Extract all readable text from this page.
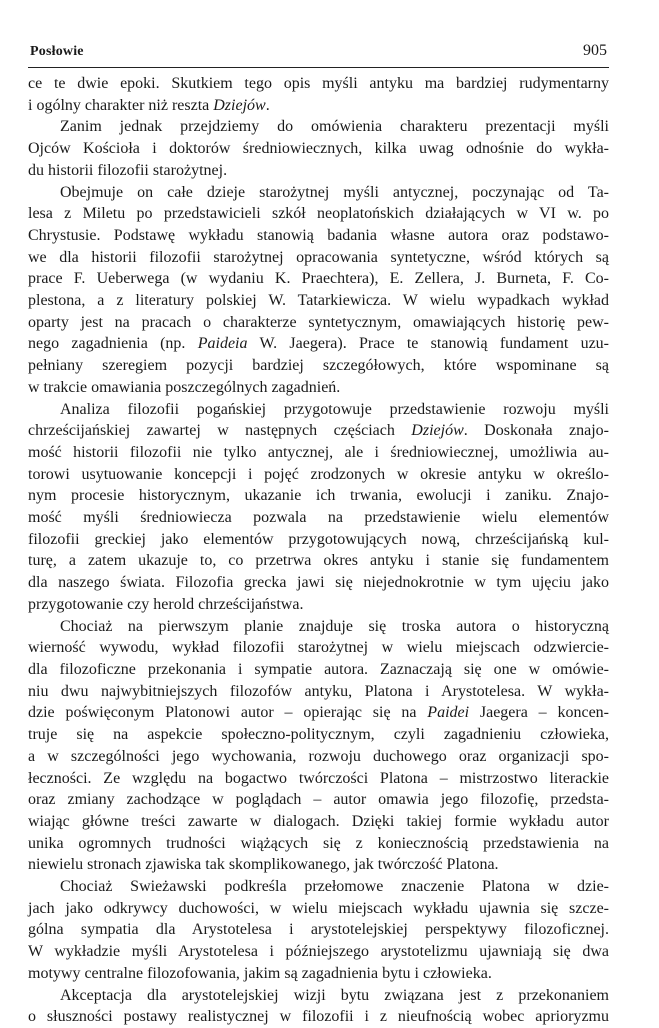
Posłowie	905
ce te dwie epoki. Skutkiem tego opis myśli antyku ma bardziej rudymentarny
i ogólny charakter niż reszta Dziejów.
Zanim jednak przejdziemy do omówienia charakteru prezentacji myśli
Ojców Kościoła i doktorów średniowiecznych, kilka uwag odnośnie do wykła-
du historii filozofii starożytnej.
Obejmuje on całe dzieje starożytnej myśli antycznej, poczynając od Ta-
lesa z Miletu po przedstawicieli szkół neoplatońskich działających w VI w. po
Chrystusie. Podstawę wykładu stanowią badania własne autora oraz podstawo-
we dla historii filozofii starożytnej opracowania syntetyczne, wśród których są
prace F. Ueberwega (w wydaniu K. Praechtera), E. Zellera, J. Burneta, F. Co-
plestona, a z literatury polskiej W. Tatarkiewicza. W wielu wypadkach wykład
oparty jest na pracach o charakterze syntetycznym, omawiających historię pew-
nego zagadnienia (np. Paideia W. Jaegera). Prace te stanowią fundament uzu-
pełniany szeregiem pozycji bardziej szczegółowych, które wspominane są
w trakcie omawiania poszczególnych zagadnień.
Analiza filozofii pogańskiej przygotowuje przedstawienie rozwoju myśli
chrześcijańskiej zawartej w następnych częściach Dziejów. Doskonała znajo-
mość historii filozofii nie tylko antycznej, ale i średniowiecznej, umożliwia au-
torowi usytuowanie koncepcji i pojęć zrodzonych w okresie antyku w określo-
nym procesie historycznym, ukazanie ich trwania, ewolucji i zaniku. Znajo-
mość myśli średniowiecza pozwala na przedstawienie wielu elementów
filozofii greckiej jako elementów przygotowujących nową, chrześcijańską kul-
turę, a zatem ukazuje to, co przetrwa okres antyku i stanie się fundamentem
dla naszego świata. Filozofia grecka jawi się niejednokrotnie w tym ujęciu jako
przygotowanie czy herold chrześcijaństwa.
Chociaż na pierwszym planie znajduje się troska autora o historyczną
wierność wywodu, wykład filozofii starożytnej w wielu miejscach odzwiercie-
dla filozoficzne przekonania i sympatie autora. Zaznaczają się one w omówie-
niu dwu najwybitniejszych filozofów antyku, Platona i Arystotelesa. W wykła-
dzie poświęconym Platonowi autor – opierając się na Paidei Jaegera – koncen-
truje się na aspekcie społeczno-politycznym, czyli zagadnieniu człowieka,
a w szczególności jego wychowania, rozwoju duchowego oraz organizacji spo-
łeczności. Ze względu na bogactwo twórczości Platona – mistrzostwo literackie
oraz zmiany zachodzące w poglądach – autor omawia jego filozofię, przedsta-
wiając główne treści zawarte w dialogach. Dzięki takiej formie wykładu autor
unika ogromnych trudności wiążących się z koniecznością przedstawienia na
niewielu stronach zjawiska tak skomplikowanego, jak twórczość Platona.
Chociaż Swieżawski podkreśla przełomowe znaczenie Platona w dzie-
jach jako odkrywcy duchowości, w wielu miejscach wykładu ujawnia się szcze-
gólna sympatia dla Arystotelesa i arystotelejskiej perspektywy filozoficznej.
W wykładzie myśli Arystotelesa i późniejszego arystotelizmu ujawniają się dwa
motywy centralne filozofowania, jakim są zagadnienia bytu i człowieka.
Akceptacja dla arystotelejskiej wizji bytu związana jest z przekonaniem
o słuszności postawy realistycznej w filozofii i z nieufnością wobec aprioryzmu
